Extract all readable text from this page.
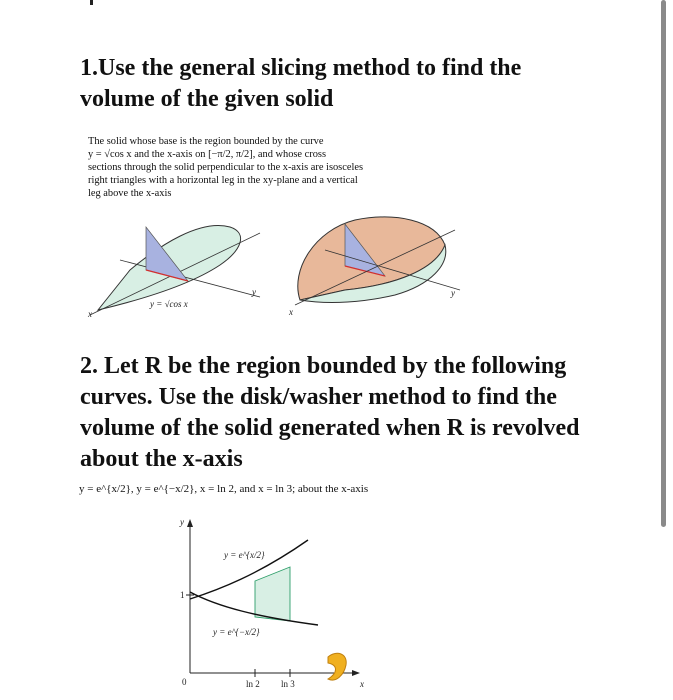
1.Use the general slicing method to find the volume of the given solid

The solid whose base is the region bounded by the curve
y = √cos x and the x-axis on [−π/2, π/2], and whose cross
sections through the solid perpendicular to the x-axis are isosceles
right triangles with a horizontal leg in the xy-plane and a vertical
leg above the x-axis

y = √cos x
x
y
x
y
2. Let R be the region bounded by the following curves. Use the disk/washer method to find the volume of the solid generated when R is revolved about the x-axis
y = e^{x/2}, y = e^{−x/2}, x = ln 2, and x = ln 3; about the x-axis
y
0
1
y = e^{x/2}
y = e^{−x/2}
ln 2 ln 3	x
